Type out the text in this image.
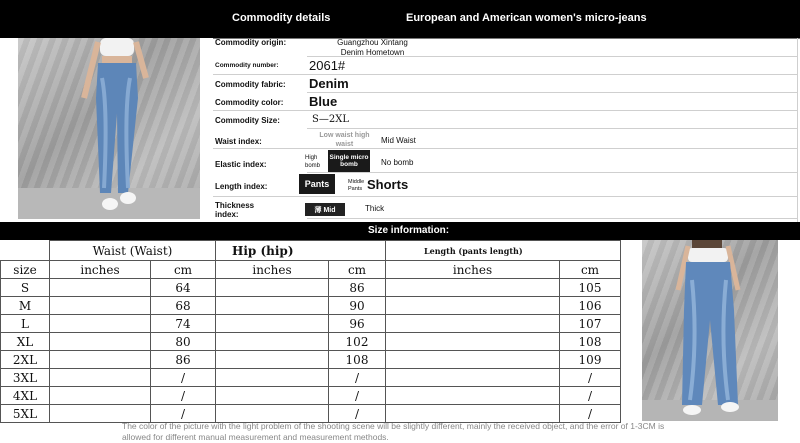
Commodity details	European and American women's micro-jeans
Commodity origin:	Guangzhou Xintang Denim Hometown
Commodity number: 2061#
Commodity fabric: Denim
Commodity color: Blue
Commodity Size:	S—2XL
Waist index:
Low waist high waist	Mid Waist
Elastic index:
High bomb
Single micro bomb	No bomb
Length index:	Pants	Middle Pants Shorts
Thickness index:	薄 Mid	Thick
Size information:
	Waist (Waist)		Hip (hip)		Length (pants length)	
size	inches	cm	inches	cm	inches	cm
S		64		86		105
M		68		90		106
L		74		96		107
XL		80		102		108
2XL		86		108		109
3XL		/		/		/
4XL		/		/		/
5XL		/		/		/
The color of the picture with the light problem of the shooting scene will be slightly different, mainly the received object, and the error of 1-3CM is allowed for different manual measurement and measurement methods.
